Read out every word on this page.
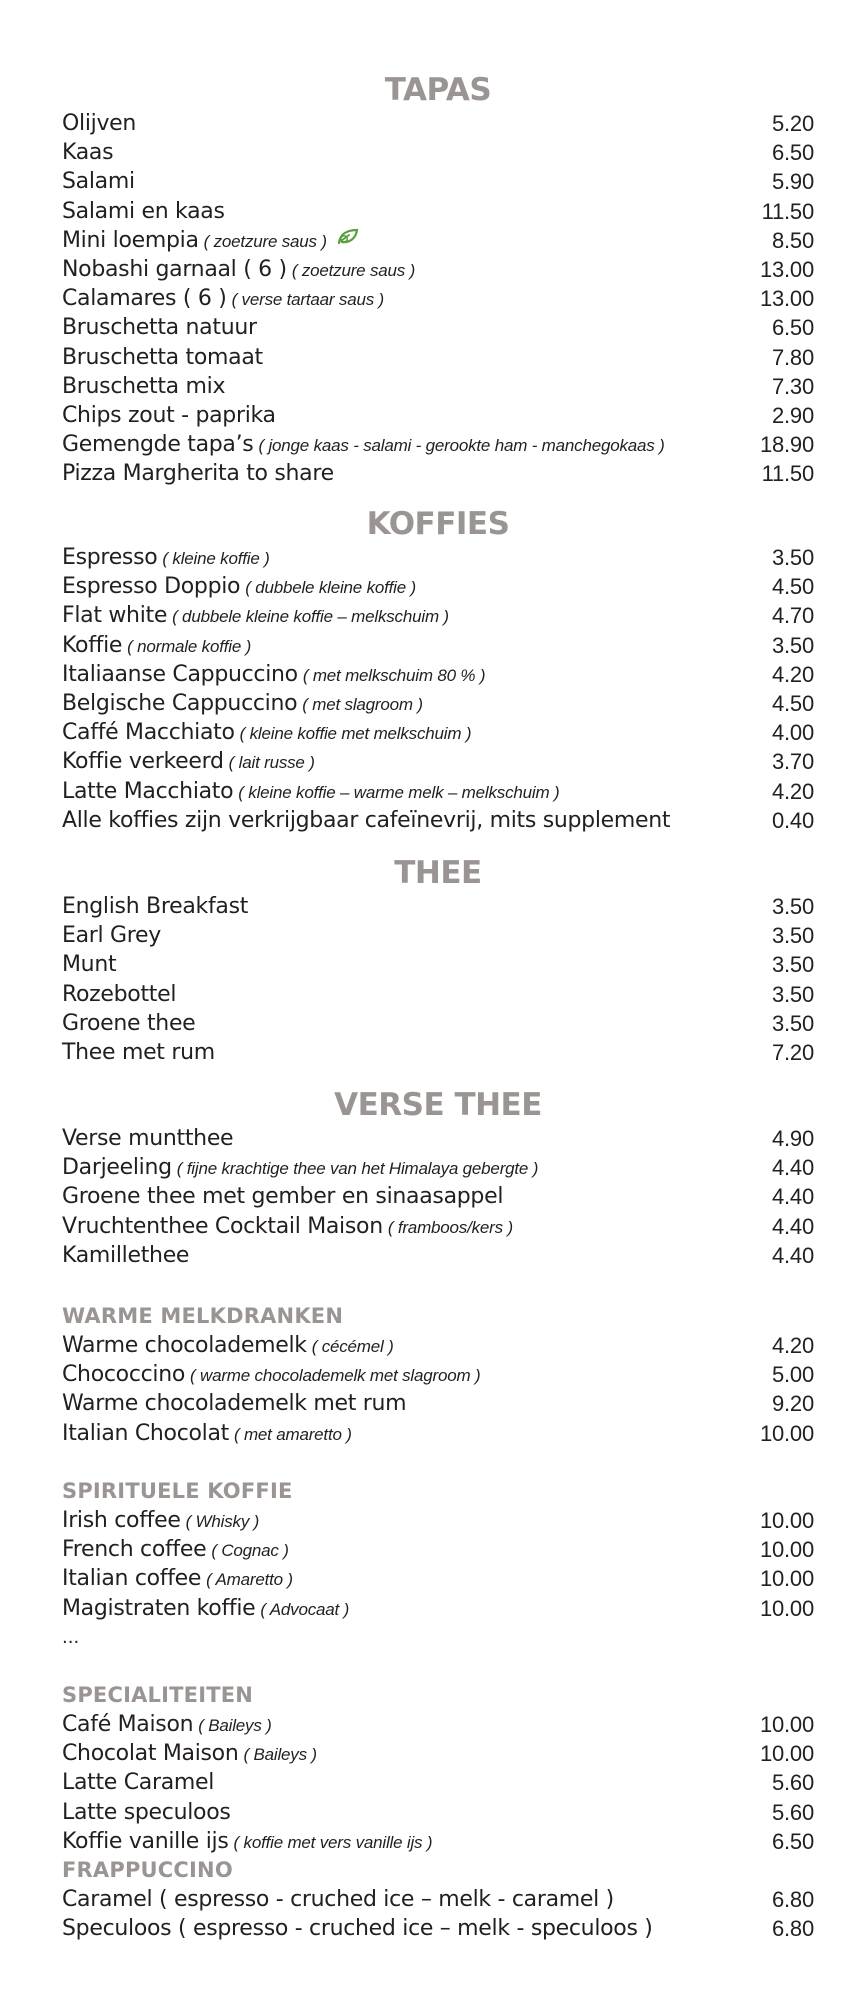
TAPAS
Olijven	5.20
Kaas	6.50
Salami	5.90
Salami en kaas	11.50
Mini loempia ( zoetzure saus )	8.50
Nobashi garnaal ( 6 ) ( zoetzure saus )	13.00
Calamares ( 6 ) ( verse tartaar saus )	13.00
Bruschetta natuur	6.50
Bruschetta tomaat	7.80
Bruschetta mix	7.30
Chips zout - paprika	2.90
Gemengde tapa’s ( jonge kaas - salami - gerookte ham - manchegokaas )	18.90
Pizza Margherita to share	11.50
KOFFIES
Espresso ( kleine koffie )	3.50
Espresso Doppio ( dubbele kleine koffie )	4.50
Flat white ( dubbele kleine koffie – melkschuim )	4.70
Koffie ( normale koffie )	3.50
Italiaanse Cappuccino ( met melkschuim 80 % )	4.20
Belgische Cappuccino ( met slagroom )	4.50
Caffé Macchiato ( kleine koffie met melkschuim )	4.00
Koffie verkeerd ( lait russe )	3.70
Latte Macchiato ( kleine koffie – warme melk – melkschuim )	4.20
Alle koffies zijn verkrijgbaar cafeïnevrij, mits supplement	0.40
THEE
English Breakfast	3.50
Earl Grey	3.50
Munt	3.50
Rozebottel	3.50
Groene thee	3.50
Thee met rum	7.20
VERSE THEE
Verse muntthee	4.90
Darjeeling ( fijne krachtige thee van het Himalaya gebergte )	4.40
Groene thee met gember en sinaasappel	4.40
Vruchtenthee Cocktail Maison ( framboos/kers )	4.40
Kamillethee	4.40
WARME MELKDRANKEN
Warme chocolademelk ( cécémel )	4.20
Chococcino ( warme chocolademelk met slagroom )	5.00
Warme chocolademelk met rum	9.20
Italian Chocolat ( met amaretto )	10.00
SPIRITUELE KOFFIE
Irish coffee ( Whisky )	10.00
French coffee ( Cognac )	10.00
Italian coffee ( Amaretto )	10.00
Magistraten koffie ( Advocaat )	10.00
...
SPECIALITEITEN
Café Maison ( Baileys )	10.00
Chocolat Maison ( Baileys )	10.00
Latte Caramel	5.60
Latte speculoos	5.60
Koffie vanille ijs ( koffie met vers vanille ijs )	6.50
FRAPPUCCINO
Caramel ( espresso - cruched ice – melk - caramel )	6.80
Speculoos ( espresso - cruched ice – melk - speculoos )	6.80
